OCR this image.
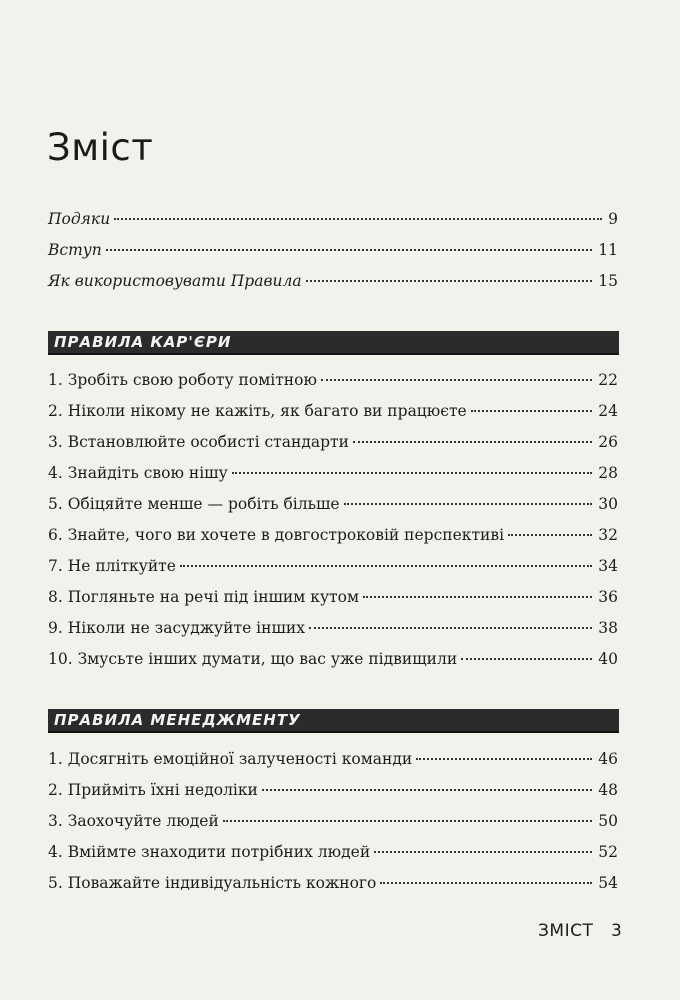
Зміст
Подяки	9
Вступ	11
Як використовувати Правила	15
ПРАВИЛА КАР'ЄРИ
1. Зробіть свою роботу помітною	22
2. Ніколи нікому не кажіть, як багато ви працюєте	24
3. Встановлюйте особисті стандарти	26
4. Знайдіть свою нішу	28
5. Обіцяйте менше — робіть більше	30
6. Знайте, чого ви хочете в довгостроковій перспективі	32
7. Не пліткуйте	34
8. Погляньте на речі під іншим кутом	36
9. Ніколи не засуджуйте інших	38
10. Змусьте інших думати, що вас уже підвищили	40
ПРАВИЛА МЕНЕДЖМЕНТУ
1. Досягніть емоційної залученості команди	46
2. Прийміть їхні недоліки	48
3. Заохочуйте людей	50
4. Вміймте знаходити потрібних людей	52
5. Поважайте індивідуальність кожного	54
ЗМІСТ 3
